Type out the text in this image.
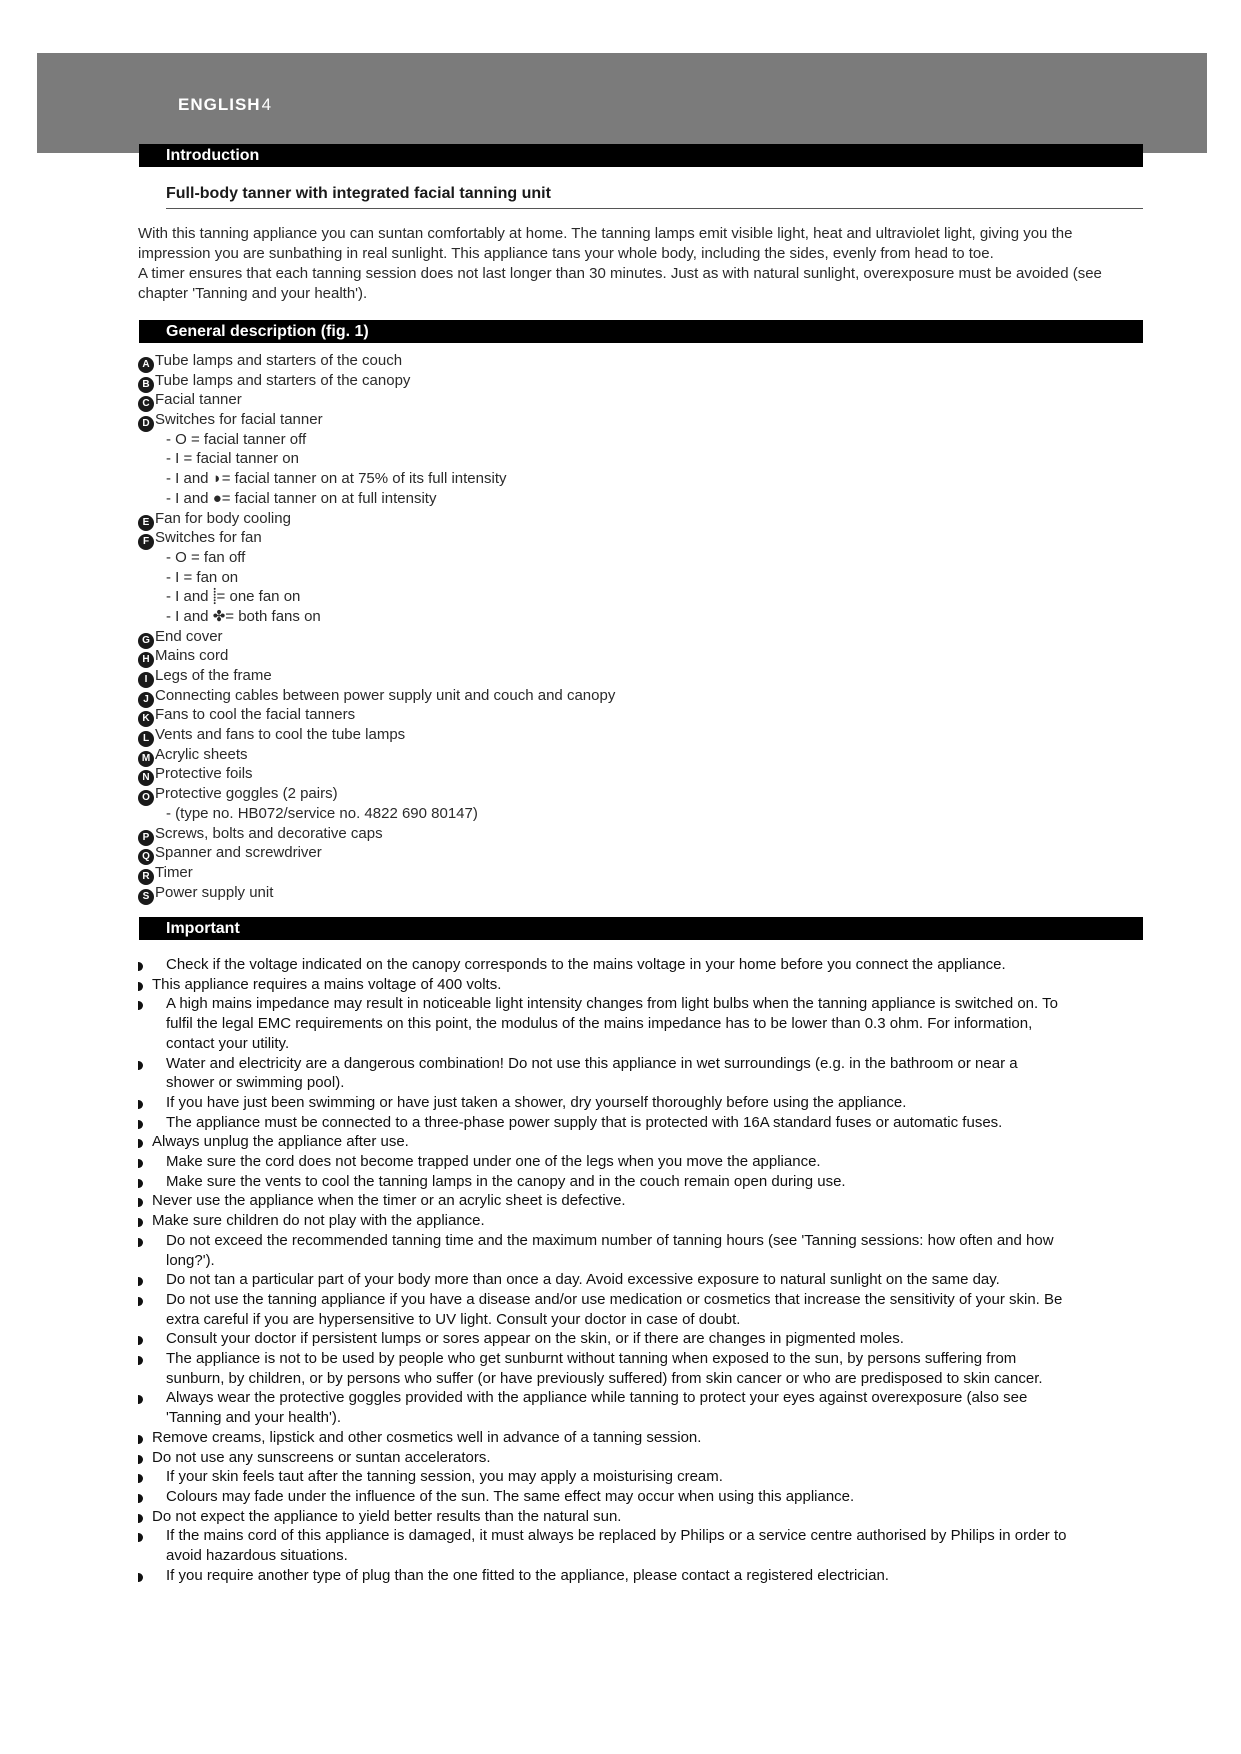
ENGLISH4
Introduction
Full-body tanner with integrated facial tanning unit

With this tanning appliance you can suntan comfortably at home. The tanning lamps emit visible light, heat and ultraviolet light, giving you the impression you are sunbathing in real sunlight. This appliance tans your whole body, including the sides, evenly from head to toe.

A timer ensures that each tanning session does not last longer than 30 minutes. Just as with natural sunlight, overexposure must be avoided (see chapter 'Tanning and your health').

General description (fig. 1)
A Tube lamps and starters of the couch
B Tube lamps and starters of the canopy
C Facial tanner
D Switches for facial tanner
- O = facial tanner off
- I = facial tanner on
- I and ◗= facial tanner on at 75% of its full intensity
- I and ●= facial tanner on at full intensity
E Fan for body cooling
F Switches for fan
- O = fan off
- I = fan on
- I and ⸽= one fan on
- I and ✤= both fans on
G End cover
H Mains cord
I Legs of the frame
J Connecting cables between power supply unit and couch and canopy
K Fans to cool the facial tanners
L Vents and fans to cool the tube lamps
M Acrylic sheets
N Protective foils
O Protective goggles (2 pairs)
- (type no. HB072/service no. 4822 690 80147)
P Screws, bolts and decorative caps
Q Spanner and screwdriver
R Timer
S Power supply unit
Important
Check if the voltage indicated on the canopy corresponds to the mains voltage in your home before you connect the appliance.
This appliance requires a mains voltage of 400 volts.
A high mains impedance may result in noticeable light intensity changes from light bulbs when the tanning appliance is switched on. To
fulfil the legal EMC requirements on this point, the modulus of the mains impedance has to be lower than 0.3 ohm. For information,
contact your utility.
Water and electricity are a dangerous combination! Do not use this appliance in wet surroundings (e.g. in the bathroom or near a
shower or swimming pool).
If you have just been swimming or have just taken a shower, dry yourself thoroughly before using the appliance.
The appliance must be connected to a three-phase power supply that is protected with 16A standard fuses or automatic fuses.
Always unplug the appliance after use.
Make sure the cord does not become trapped under one of the legs when you move the appliance.
Make sure the vents to cool the tanning lamps in the canopy and in the couch remain open during use.
Never use the appliance when the timer or an acrylic sheet is defective.
Make sure children do not play with the appliance.
Do not exceed the recommended tanning time and the maximum number of tanning hours (see 'Tanning sessions: how often and how
long?').
Do not tan a particular part of your body more than once a day. Avoid excessive exposure to natural sunlight on the same day.
Do not use the tanning appliance if you have a disease and/or use medication or cosmetics that increase the sensitivity of your skin. Be
extra careful if you are hypersensitive to UV light. Consult your doctor in case of doubt.
Consult your doctor if persistent lumps or sores appear on the skin, or if there are changes in pigmented moles.
The appliance is not to be used by people who get sunburnt without tanning when exposed to the sun, by persons suffering from
sunburn, by children, or by persons who suffer (or have previously suffered) from skin cancer or who are predisposed to skin cancer.
Always wear the protective goggles provided with the appliance while tanning to protect your eyes against overexposure (also see
'Tanning and your health').
Remove creams, lipstick and other cosmetics well in advance of a tanning session.
Do not use any sunscreens or suntan accelerators.
If your skin feels taut after the tanning session, you may apply a moisturising cream.
Colours may fade under the influence of the sun. The same effect may occur when using this appliance.
Do not expect the appliance to yield better results than the natural sun.
If the mains cord of this appliance is damaged, it must always be replaced by Philips or a service centre authorised by Philips in order to
avoid hazardous situations.
If you require another type of plug than the one fitted to the appliance, please contact a registered electrician.
